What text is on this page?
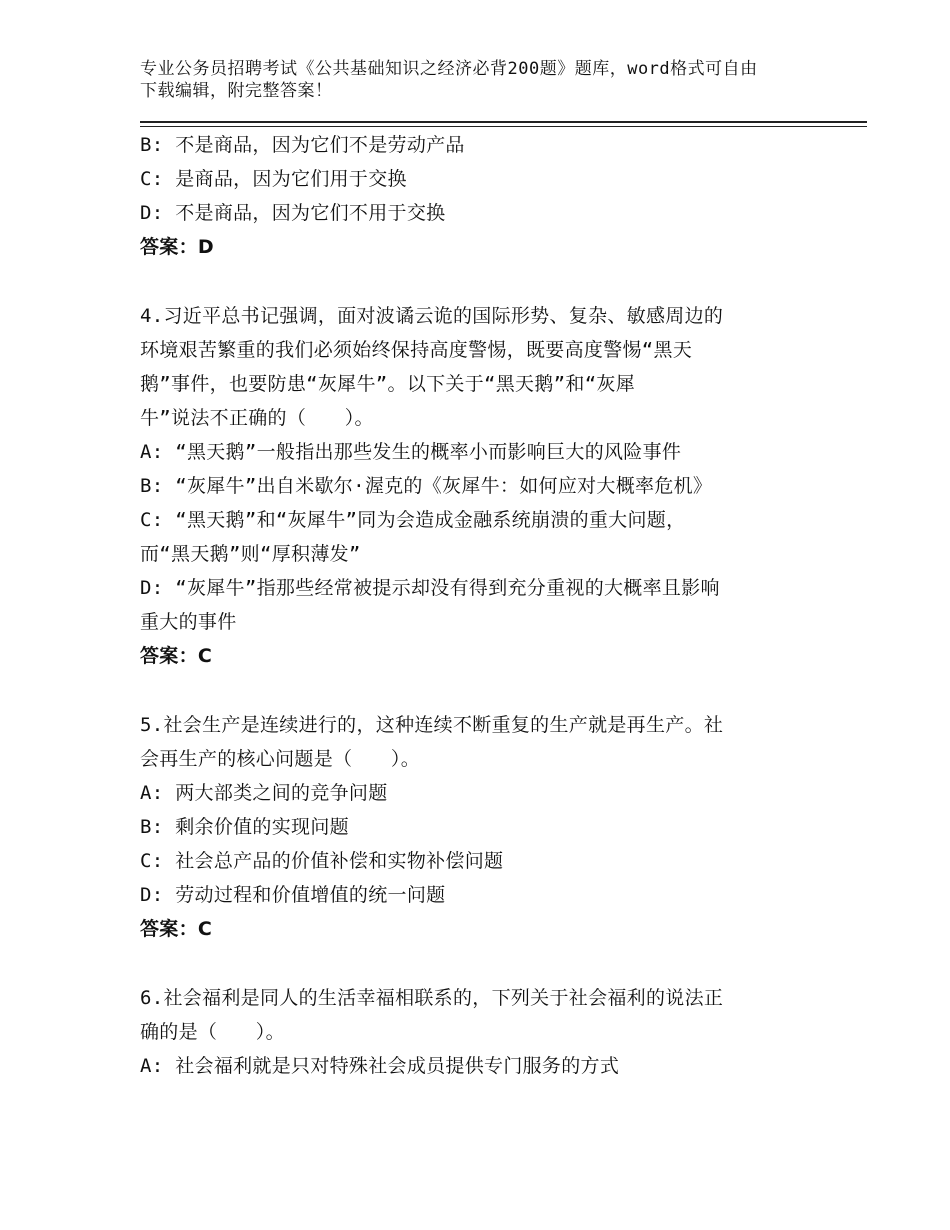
专业公务员招聘考试《公共基础知识之经济必背200题》题库，word格式可自由
下载编辑，附完整答案！
B: 不是商品，因为它们不是劳动产品
C: 是商品，因为它们用于交换
D: 不是商品，因为它们不用于交换
答案：D
4.习近平总书记强调，面对波谲云诡的国际形势、复杂、敏感周边的
环境艰苦繁重的我们必须始终保持高度警惕，既要高度警惕“黑天
鹅”事件，也要防患“灰犀牛”。以下关于“黑天鹅”和“灰犀
牛”说法不正确的（　　）。
A: “黑天鹅”一般指出那些发生的概率小而影响巨大的风险事件
B: “灰犀牛”出自米歇尔·渥克的《灰犀牛：如何应对大概率危机》
C: “黑天鹅”和“灰犀牛”同为会造成金融系统崩溃的重大问题，
而“黑天鹅”则“厚积薄发”
D: “灰犀牛”指那些经常被提示却没有得到充分重视的大概率且影响
重大的事件
答案：C
5.社会生产是连续进行的，这种连续不断重复的生产就是再生产。社
会再生产的核心问题是（　　）。
A: 两大部类之间的竞争问题
B: 剩余价值的实现问题
C: 社会总产品的价值补偿和实物补偿问题
D: 劳动过程和价值增值的统一问题
答案：C
6.社会福利是同人的生活幸福相联系的，下列关于社会福利的说法正
确的是（　　）。
A: 社会福利就是只对特殊社会成员提供专门服务的方式
